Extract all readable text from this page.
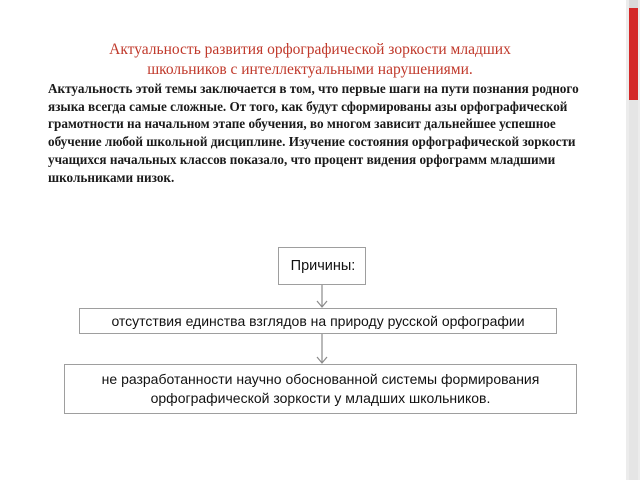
Актуальность развития орфографической зоркости младших школьников с интеллектуальными нарушениями.
Актуальность этой темы заключается в том, что первые шаги на пути познания родного языка всегда самые сложные. От того, как будут сформированы азы орфографической грамотности на начальном этапе обучения, во многом зависит дальнейшее успешное обучение любой школьной дисциплине. Изучение состояния орфографической зоркости учащихся начальных классов показало, что процент видения орфограмм младшими школьниками низок.
Причины:
отсутствия единства взглядов на природу русской орфографии
не разработанности научно обоснованной системы формирования орфографической зоркости у младших школьников.
